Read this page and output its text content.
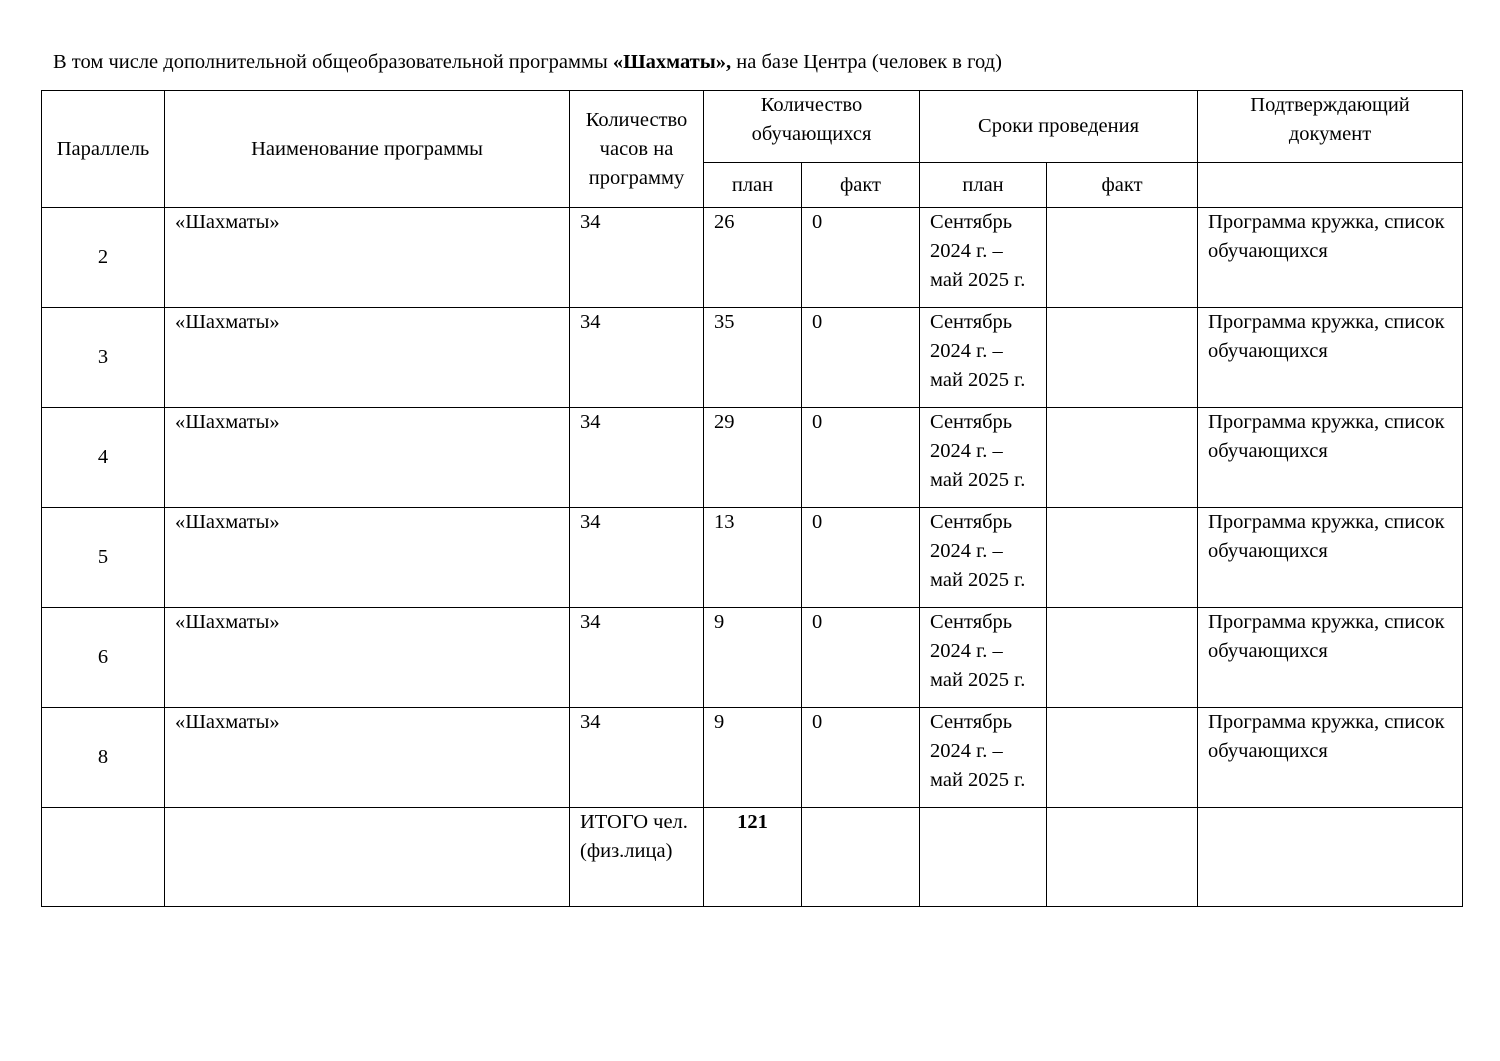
В том числе дополнительной общеобразовательной программы «Шахматы», на базе Центра (человек в год)

Параллель	Наименование программы	Количество часов на программу	Количество обучающихся		Сроки проведения		Подтверждающий документ
			план	факт	план	факт	
2	«Шахматы»	34	26	0	Сентябрь 2024 г. – май 2025 г.		Программа кружка, список обучающихся
3	«Шахматы»	34	35	0	Сентябрь 2024 г. – май 2025 г.		Программа кружка, список обучающихся
4	«Шахматы»	34	29	0	Сентябрь 2024 г. – май 2025 г.		Программа кружка, список обучающихся
5	«Шахматы»	34	13	0	Сентябрь 2024 г. – май 2025 г.		Программа кружка, список обучающихся
6	«Шахматы»	34	9	0	Сентябрь 2024 г. – май 2025 г.		Программа кружка, список обучающихся
8	«Шахматы»	34	9	0	Сентябрь 2024 г. – май 2025 г.		Программа кружка, список обучающихся
		ИТОГО чел. (физ.лица)	121				
